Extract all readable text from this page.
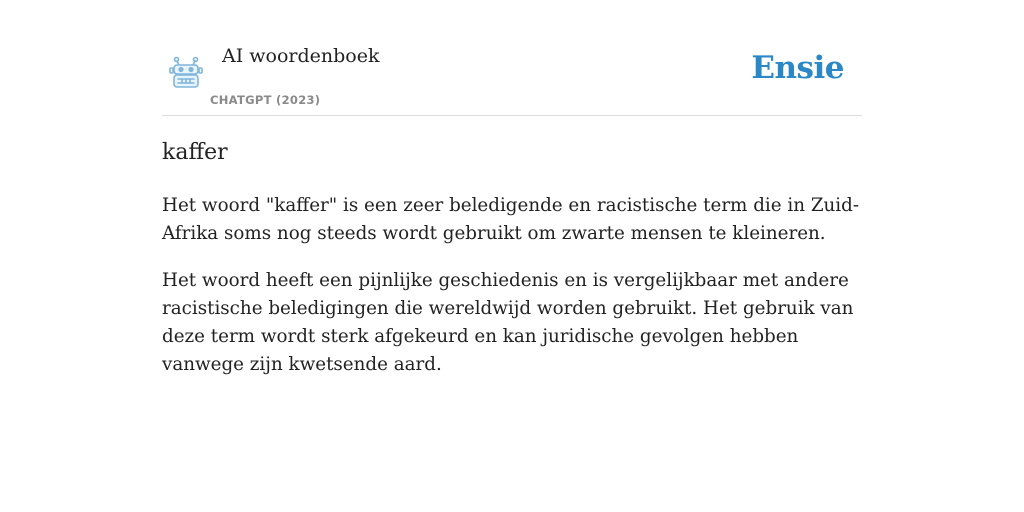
AI woordenboek
CHATGPT (2023)
Ensie
kaffer

Het woord "kaffer" is een zeer beledigende en racistische term die in Zuid-Afrika soms nog steeds wordt gebruikt om zwarte mensen te kleineren.

Het woord heeft een pijnlijke geschiedenis en is vergelijkbaar met andere racistische beledigingen die wereldwijd worden gebruikt. Het gebruik van deze term wordt sterk afgekeurd en kan juridische gevolgen hebben vanwege zijn kwetsende aard.
